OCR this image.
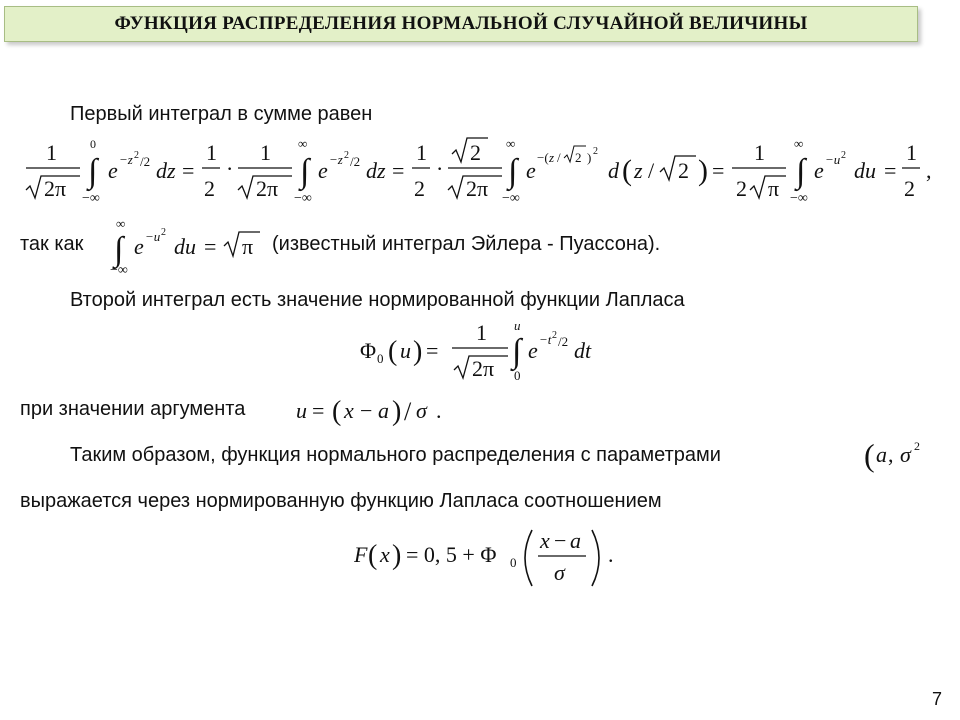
ФУНКЦИЯ РАСПРЕДЕЛЕНИЯ НОРМАЛЬНОЙ СЛУЧАЙНОЙ ВЕЛИЧИНЫ
Первый интеграл в сумме равен
1
2π
0
∫
−∞
e −z 2 /2 dz =
1
2
·
1
2π
∞
∫
−∞
e −z 2 /2 dz =
1
2
·
2
2π
∞
∫
−∞
e
−( z / 2 ) 2
d ( z / 2 ) =
1
2 π
∞
∫
−∞
e −u 2
du =
1
2
,
так как
∞
∫
−∞
e −u 2
du = π (известный интеграл Эйлера - Пуассона).
Второй интеграл есть значение нормированной функции Лапласа
Φ 0 ( u ) =
1
2π
u
∫
0
e −t 2 /2 dt
при значении аргумента u = ( x − a ) / σ .
Таким образом, функция нормального распределения с параметрами	( a , σ 2
выражается через нормированную функцию Лапласа соотношением
F ( x ) = 0, 5 + Φ 0
x − a
σ
.
7
